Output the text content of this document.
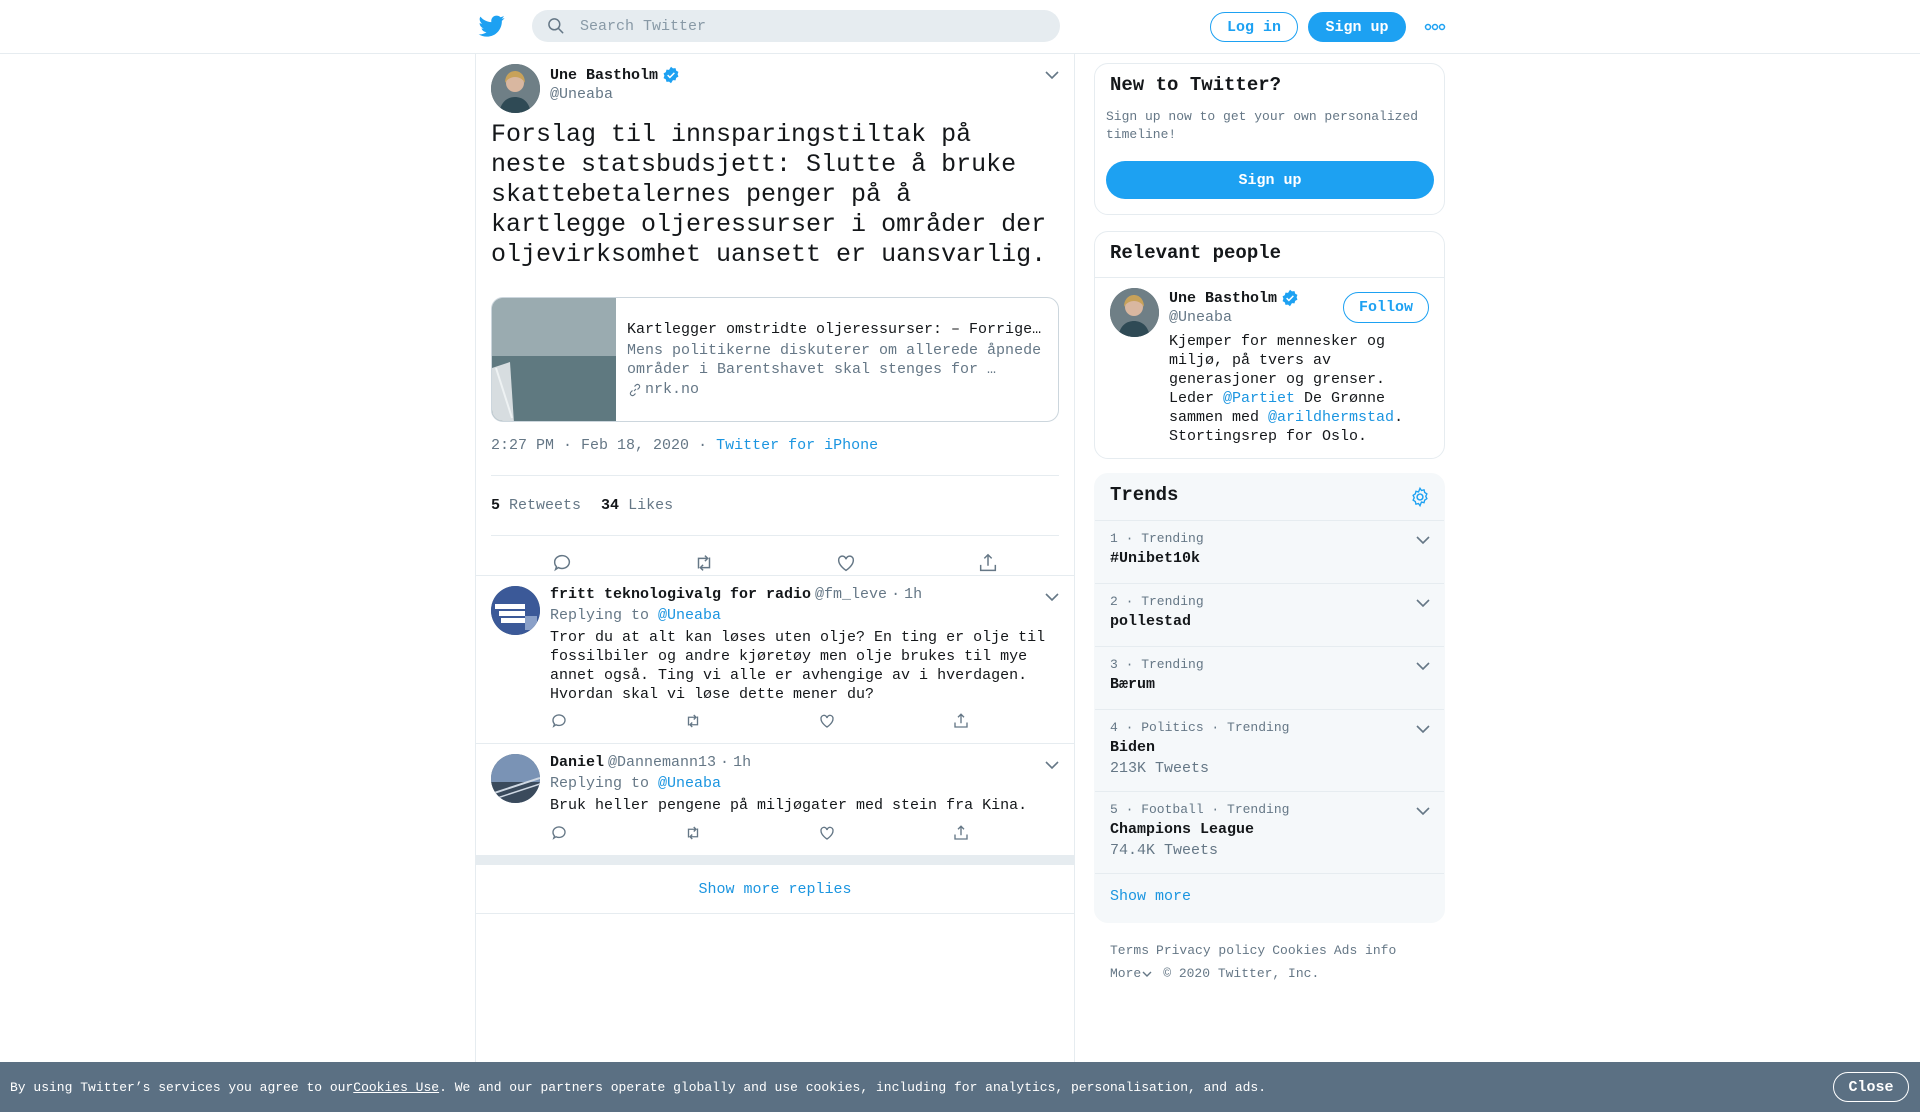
Search Twitter
Log in	Sign up
Une Bastholm
@Uneaba
Forslag til innsparingstiltak på neste statsbudsjett: Slutte å bruke skattebetalernes penger på å kartlegge oljeressurser i områder der oljevirksomhet uansett er uansvarlig.
Kartlegger omstridte oljeressurser: – Forrige…
Mens politikerne diskuterer om allerede åpnede områder i Barentshavet skal stenges for …
nrk.no
2:27 PM · Feb 18, 2020 · Twitter for iPhone
5 Retweets 34 Likes
fritt teknologivalg for radio @fm_leve · 1h
Replying to @Uneaba
Tror du at alt kan løses uten olje? En ting er olje til fossilbiler og andre kjøretøy men olje brukes til mye annet også. Ting vi alle er avhengige av i hverdagen. Hvordan skal vi løse dette mener du?
Daniel @Dannemann13 · 1h
Replying to @Uneaba
Bruk heller pengene på miljøgater med stein fra Kina.
Show more replies
New to Twitter?
Sign up now to get your own personalized timeline!
Sign up
Relevant people
Une Bastholm
@Uneaba
Follow
Kjemper for mennesker og miljø, på tvers av generasjoner og grenser. Leder @Partiet De Grønne sammen med @arildhermstad. Stortingsrep for Oslo.
Trends
1 · Trending
#Unibet10k
2 · Trending
pollestad
3 · Trending
Bærum
4 · Politics · Trending
Biden
213K Tweets
5 · Football · Trending
Champions League
74.4K Tweets
Show more
Terms Privacy policy Cookies Ads info
More © 2020 Twitter, Inc.
By using Twitter’s services you agree to our Cookies Use . We and our partners operate globally and use cookies, including for analytics, personalisation, and ads.	Close
